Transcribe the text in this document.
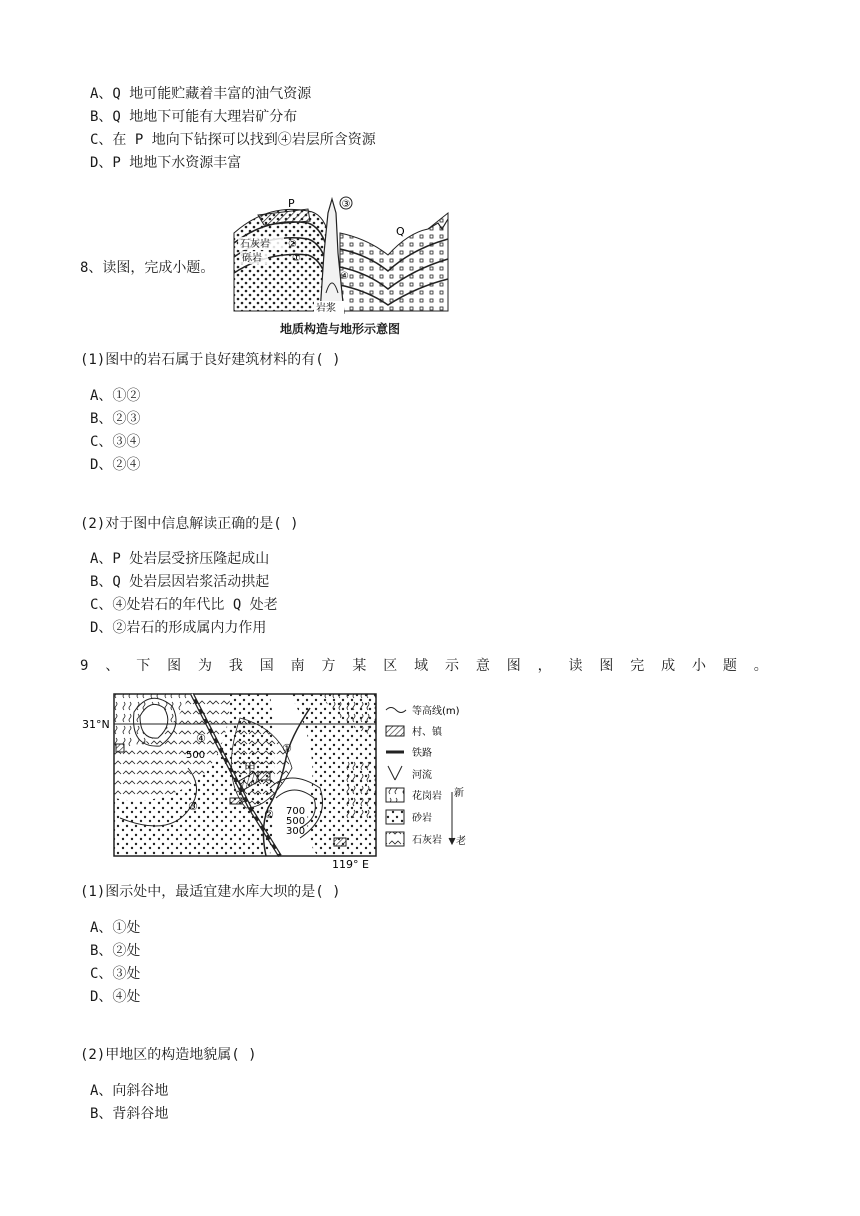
A、Q 地可能贮藏着丰富的油气资源
B、Q 地地下可能有大理岩矿分布
C、在 P 地向下钻探可以找到④岩层所含资源
D、P 地地下水资源丰富
8、读图，完成小题。
③
P
Q
石灰岩 ②
砾岩	①
④
岩浆
地质构造与地形示意图
(1)图中的岩石属于良好建筑材料的有( )
A、①②
B、②③
C、③④
D、②④
(2)对于图中信息解读正确的是( )
A、P 处岩层受挤压隆起成山
B、Q 处岩层因岩浆活动拱起
C、④处岩石的年代比 Q 处老
D、②岩石的形成属内力作用
9 、 下 图 为 我 国 南 方 某 区 域 示 意 图 ， 读 图 完 成 小 题 。
31°N
119° E
甲
500
700
500
300
①
②
③
④
等高线(m)
村、镇
铁路
河流
花岗岩
砂岩
石灰岩
新
老
(1)图示处中，最适宜建水库大坝的是( )
A、①处
B、②处
C、③处
D、④处
(2)甲地区的构造地貌属( )
A、向斜谷地
B、背斜谷地
